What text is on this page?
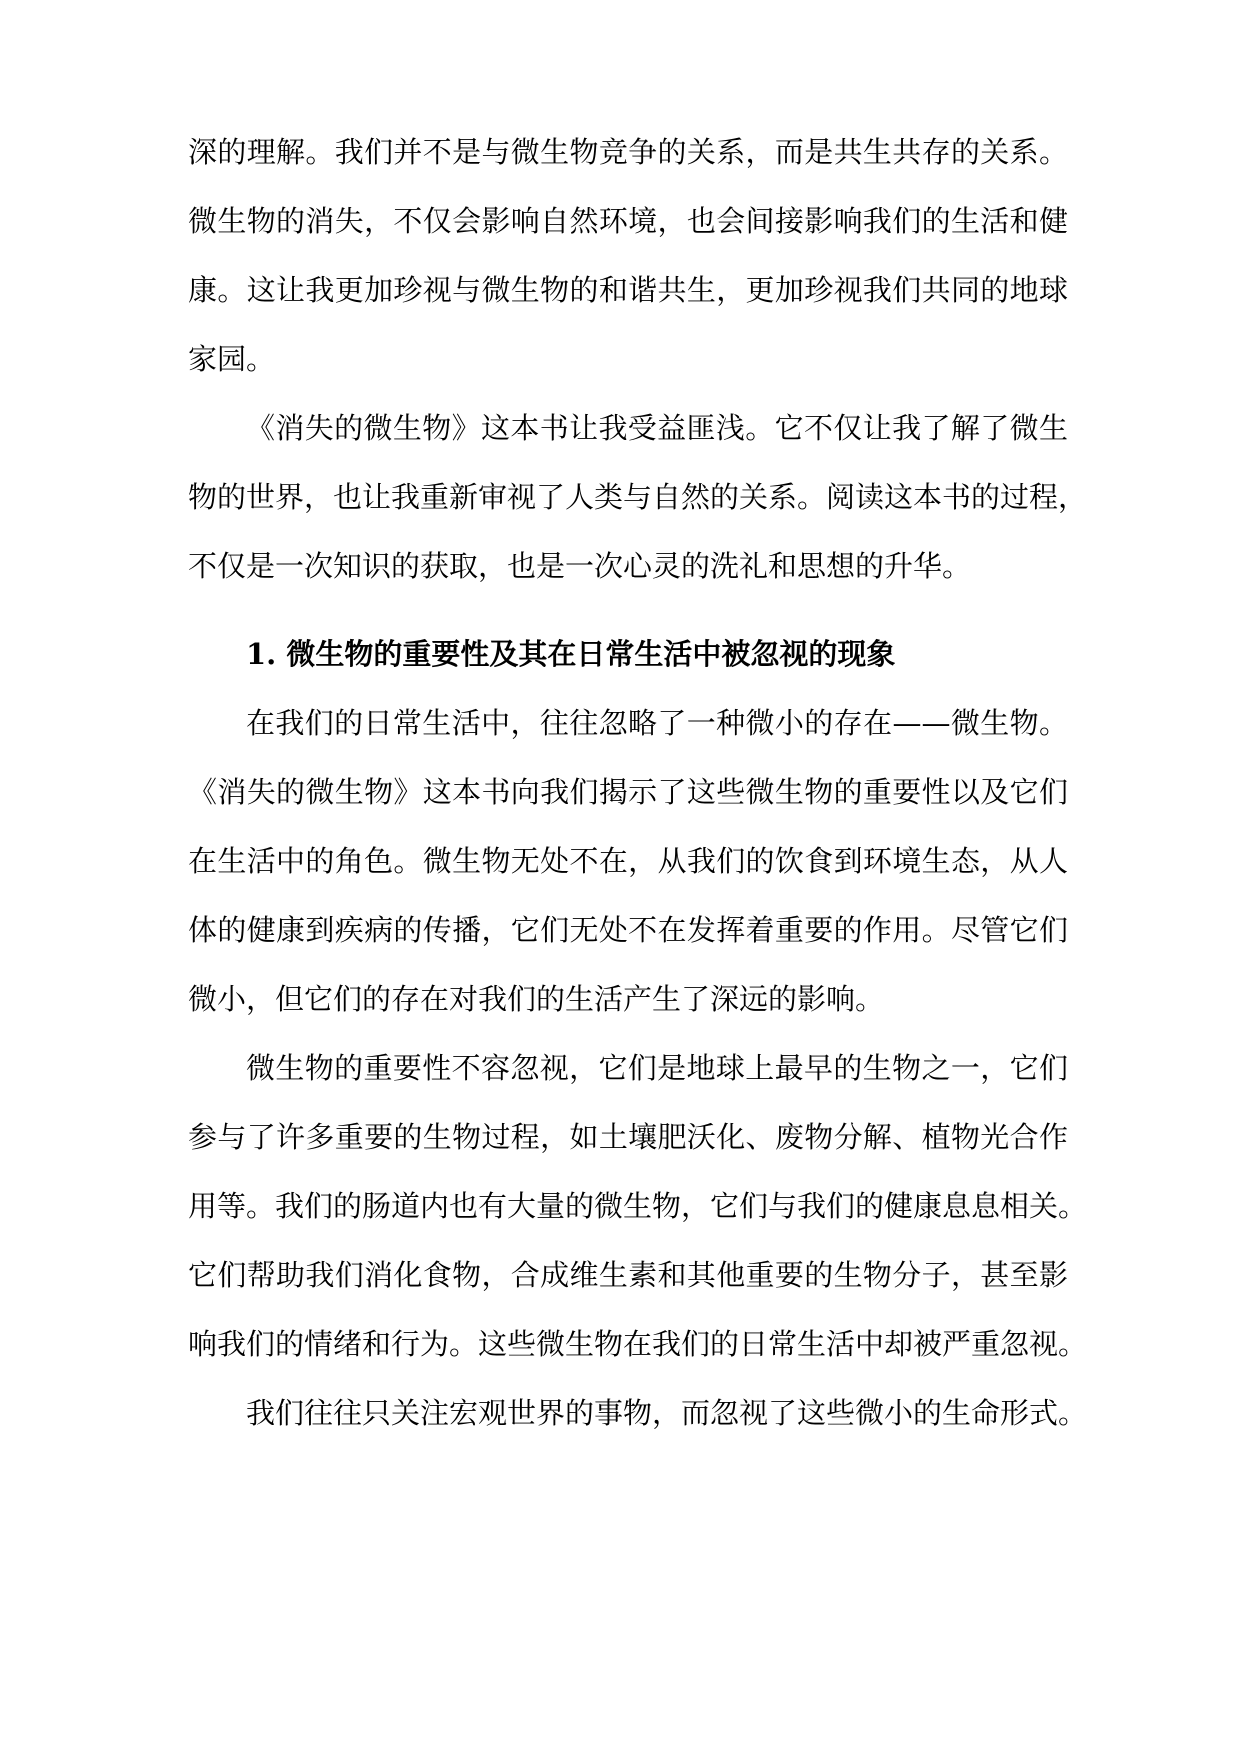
深的理解。我们并不是与微生物竞争的关系，而是共生共存的关系。
微生物的消失，不仅会影响自然环境，也会间接影响我们的生活和健
康。这让我更加珍视与微生物的和谐共生，更加珍视我们共同的地球
家园。
《消失的微生物》这本书让我受益匪浅。它不仅让我了解了微生
物的世界，也让我重新审视了人类与自然的关系。阅读这本书的过程，
不仅是一次知识的获取，也是一次心灵的洗礼和思想的升华。
1. 微生物的重要性及其在日常生活中被忽视的现象
在我们的日常生活中，往往忽略了一种微小的存在——微生物。
《消失的微生物》这本书向我们揭示了这些微生物的重要性以及它们
在生活中的角色。微生物无处不在，从我们的饮食到环境生态，从人
体的健康到疾病的传播，它们无处不在发挥着重要的作用。尽管它们
微小，但它们的存在对我们的生活产生了深远的影响。
微生物的重要性不容忽视，它们是地球上最早的生物之一，它们
参与了许多重要的生物过程，如土壤肥沃化、废物分解、植物光合作
用等。我们的肠道内也有大量的微生物，它们与我们的健康息息相关。
它们帮助我们消化食物，合成维生素和其他重要的生物分子，甚至影
响我们的情绪和行为。这些微生物在我们的日常生活中却被严重忽视。
我们往往只关注宏观世界的事物，而忽视了这些微小的生命形式。
